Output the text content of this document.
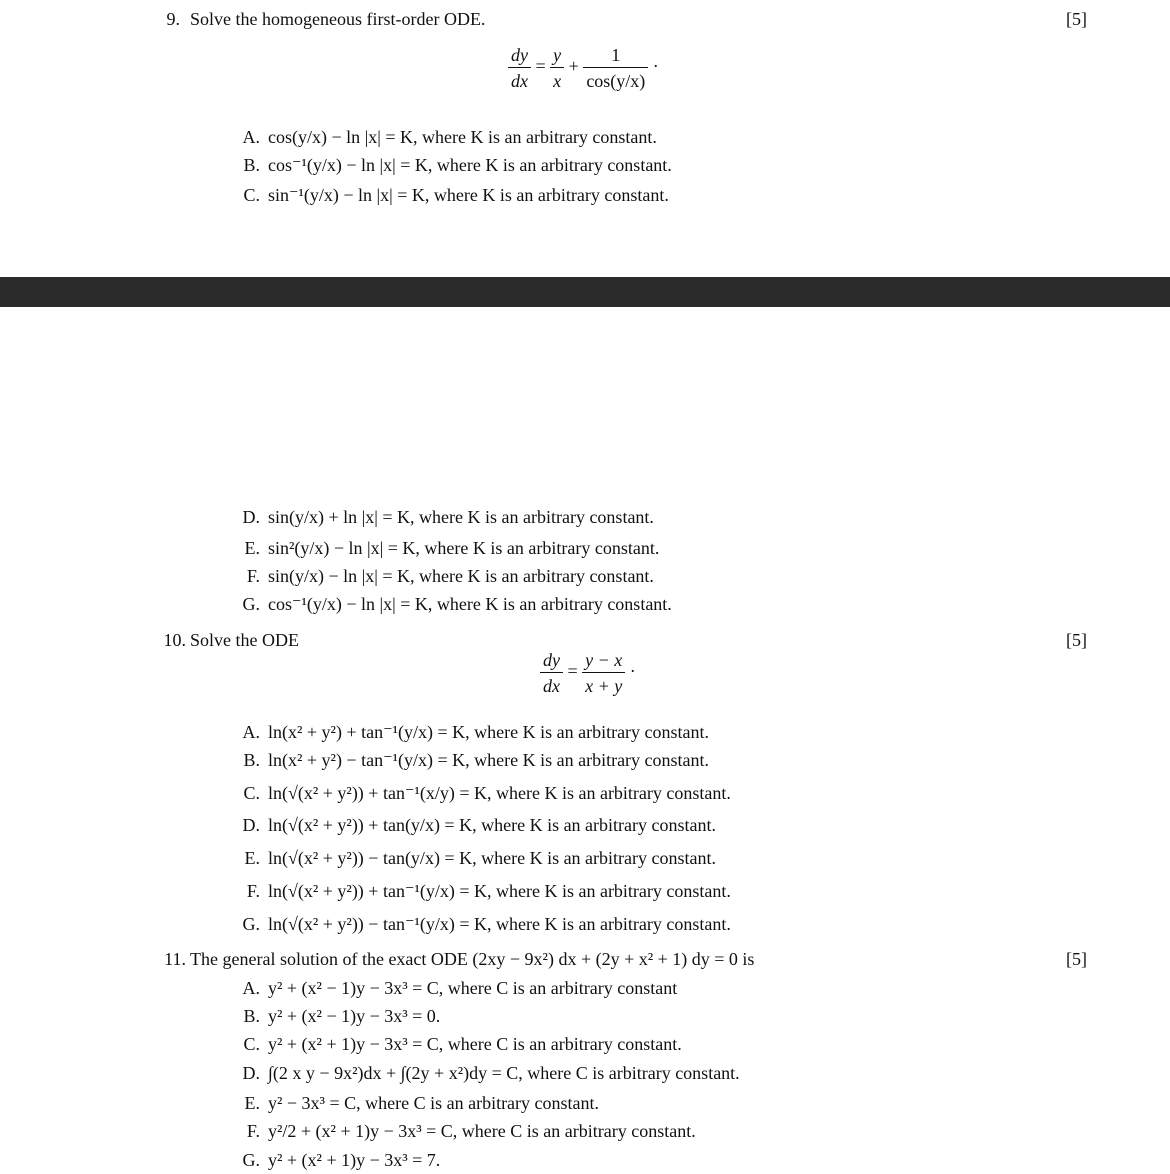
9. Solve the homogeneous first-order ODE.	[5]
$\frac{dy}{dx} = \frac{y}{x} + \frac{1}{\cos(y/x)}$ ·
A. cos(y/x) − ln |x| = K, where K is an arbitrary constant.
B. cos⁻¹(y/x) − ln |x| = K, where K is an arbitrary constant.
C. sin⁻¹(y/x) − ln |x| = K, where K is an arbitrary constant.
D. sin(y/x) + ln |x| = K, where K is an arbitrary constant.
E. sin²(y/x) − ln |x| = K, where K is an arbitrary constant.
F. sin(y/x) − ln |x| = K, where K is an arbitrary constant.
G. cos⁻¹(y/x) − ln |x| = K, where K is an arbitrary constant.
10. Solve the ODE	[5]
$\frac{dy}{dx} = \frac{y - x}{x + y}$ ·
A. ln(x² + y²) + tan⁻¹(y/x) = K, where K is an arbitrary constant.
B. ln(x² + y²) − tan⁻¹(y/x) = K, where K is an arbitrary constant.
C. ln(√(x² + y²)) + tan⁻¹(x/y) = K, where K is an arbitrary constant.
D. ln(√(x² + y²)) + tan(y/x) = K, where K is an arbitrary constant.
E. ln(√(x² + y²)) − tan(y/x) = K, where K is an arbitrary constant.
F. ln(√(x² + y²)) + tan⁻¹(y/x) = K, where K is an arbitrary constant.
G. ln(√(x² + y²)) − tan⁻¹(y/x) = K, where K is an arbitrary constant.
11. The general solution of the exact ODE (2xy − 9x²) dx + (2y + x² + 1) dy = 0 is	[5]
A. y² + (x² − 1)y − 3x³ = C, where C is an arbitrary constant
B. y² + (x² − 1)y − 3x³ = 0.
C. y² + (x² + 1)y − 3x³ = C, where C is an arbitrary constant.
D. ∫(2 x y − 9x²)dx + ∫(2y + x²)dy = C, where C is arbitrary constant.
E. y² − 3x³ = C, where C is an arbitrary constant.
F. y²/2 + (x² + 1)y − 3x³ = C, where C is an arbitrary constant.
G. y² + (x² + 1)y − 3x³ = 7.
